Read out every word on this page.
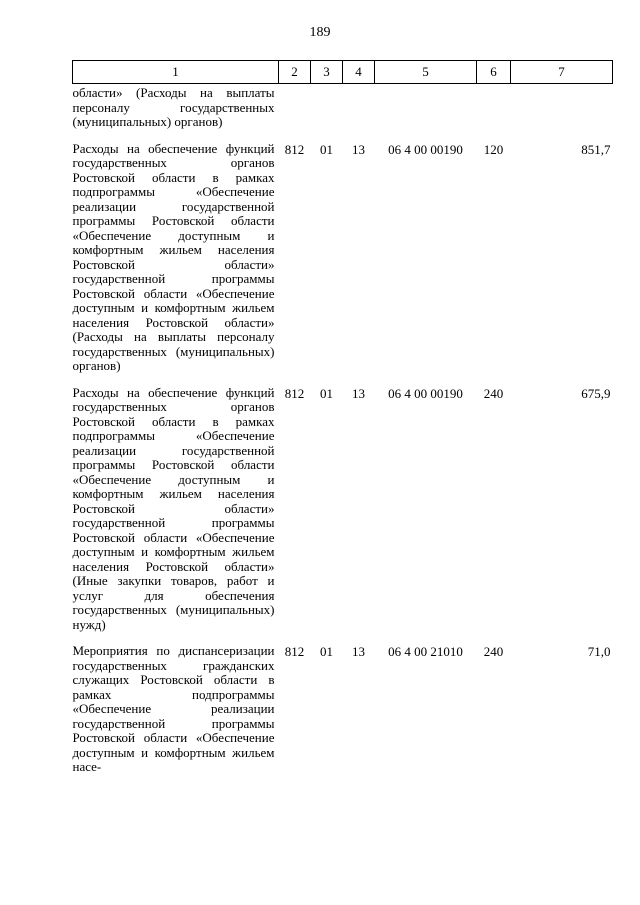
189
1	2	3	4	5	6	7
области» (Расходы на выплаты персоналу государственных (муниципальных) органов)						
Расходы на обеспечение функций государственных органов Ростовской области в рамках подпрограммы «Обеспечение реализации государственной программы Ростовской области «Обеспечение доступным и комфортным жильем населения Ростовской области» государственной программы Ростовской области «Обеспечение доступным и комфортным жильем населения Ростовской области» (Расходы на выплаты персоналу государственных (муниципальных) органов)	812	01	13	06 4 00 00190	120	851,7
Расходы на обеспечение функций государственных органов Ростовской области в рамках подпрограммы «Обеспечение реализации государственной программы Ростовской области «Обеспечение доступным и комфортным жильем населения Ростовской области» государственной программы Ростовской области «Обеспечение доступным и комфортным жильем населения Ростовской области» (Иные закупки товаров, работ и услуг для обеспечения государственных (муниципальных) нужд)	812	01	13	06 4 00 00190	240	675,9
Мероприятия по диспансеризации государственных гражданских служащих Ростовской области в рамках подпрограммы «Обеспечение реализации государственной программы Ростовской области «Обеспечение доступным и комфортным жильем насе-	812	01	13	06 4 00 21010	240	71,0
